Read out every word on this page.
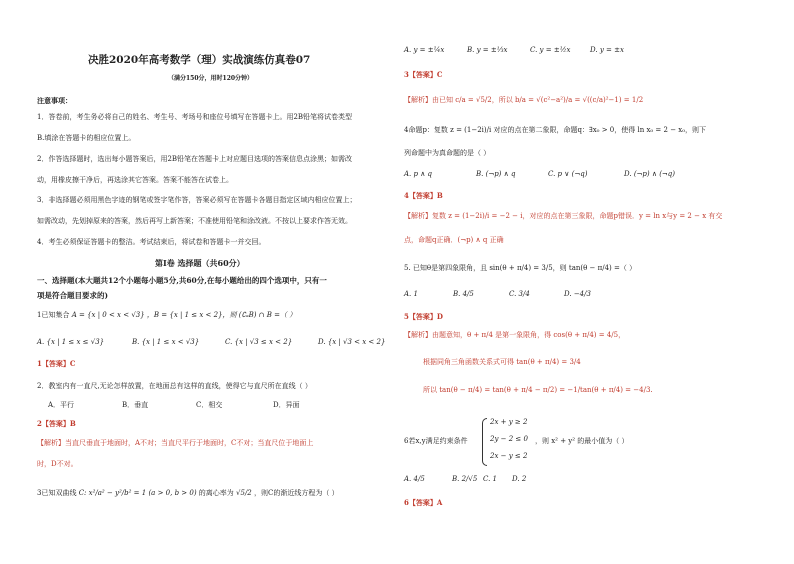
决胜2020年高考数学（理）实战演练仿真卷07
（满分150分，用时120分钟）
注意事项：
1．答卷前，考生务必将自己的姓名、考生号、考场号和座位号填写在答题卡上。用2B铅笔将试卷类型
B.填涂在答题卡的相应位置上。
2．作答选择题时，选出每小题答案后，用2B铅笔在答题卡上对应题目选项的答案信息点涂黑；如需改
动，用橡皮擦干净后，再选涂其它答案。答案不能答在试卷上。
3．非选择题必须用黑色字迹的钢笔或签字笔作答，答案必须写在答题卡各题目指定区域内相应位置上；
如需改动，先划掉原来的答案，然后再写上新答案；不准使用铅笔和涂改液。不按以上要求作答无效。
4．考生必须保证答题卡的整洁。考试结束后，将试卷和答题卡一并交回。
第Ⅰ卷 选择题（共60分）
一、选择题(本大题共12个小题每小题5分,共60分,在每小题给出的四个选项中，只有一
项是符合题目要求的)
1已知集合 A = {x | 0 < x < √3} ，B = {x | 1 ≤ x < 2}，则 (∁ₐB) ∩ B =（ ）
A. {x | 1 ≤ x ≤ √3}	B. {x | 1 ≤ x < √3}	C. {x | √3 ≤ x < 2}	D. {x | √3 < x < 2}
1【答案】C
2．教室内有一直尺,无论怎样放置，在地面总有这样的直线，使得它与直尺所在直线（ ）
A．平行	B．垂直	C．相交	D．异面
2【答案】B
【解析】当直尺垂直于地面时，A不对；当直尺平行于地面时，C不对；当直尺位于地面上
时，D不对。
3已知双曲线 C: x²/a² − y²/b² = 1 (a > 0, b > 0) 的离心率为 √5/2 ，则C的渐近线方程为（ ）
A. y = ±¼x	B. y = ±⅓x	C. y = ±½x	D. y = ±x
3【答案】C
【解析】由已知 c/a = √5/2，所以 b/a = √(c²−a²)/a = √((c/a)²−1) = 1/2
4命题p：复数 z = (1−2i)/i 对应的点在第二象限，命题q：∃x₀ > 0，使得 ln x₀ = 2 − x₀，则下
列命题中为真命题的是（ ）
A. p ∧ q	B. (¬p) ∧ q	C. p ∨ (¬q)	D. (¬p) ∧ (¬q)
4【答案】B
【解析】复数 z = (1−2i)/i = −2 − i，对应的点在第三象限，命题p错误．y = ln x与y = 2 − x 有交
点，命题q正确．(¬p) ∧ q 正确
5. 已知θ是第四象限角，且 sin(θ + π/4) = 3/5，则 tan(θ − π/4) =（ ）
A. 1	B. 4/5	C. 3/4	D. −4/3
5【答案】D
【解析】由题意知，θ + π/4 是第一象限角，得 cos(θ + π/4) = 4/5，
根据同角三角函数关系式可得 tan(θ + π/4) = 3/4
所以 tan(θ − π/4) = tan(θ + π/4 − π/2) = −1/tan(θ + π/4) = −4/3.
6若x,y满足约束条件
2x + y ≥ 2
2y − 2 ≤ 0
2x − y ≤ 2
，则 x² + y² 的最小值为（ ）
A. 4/5	B. 2/√5 C. 1 D. 2
6【答案】A
